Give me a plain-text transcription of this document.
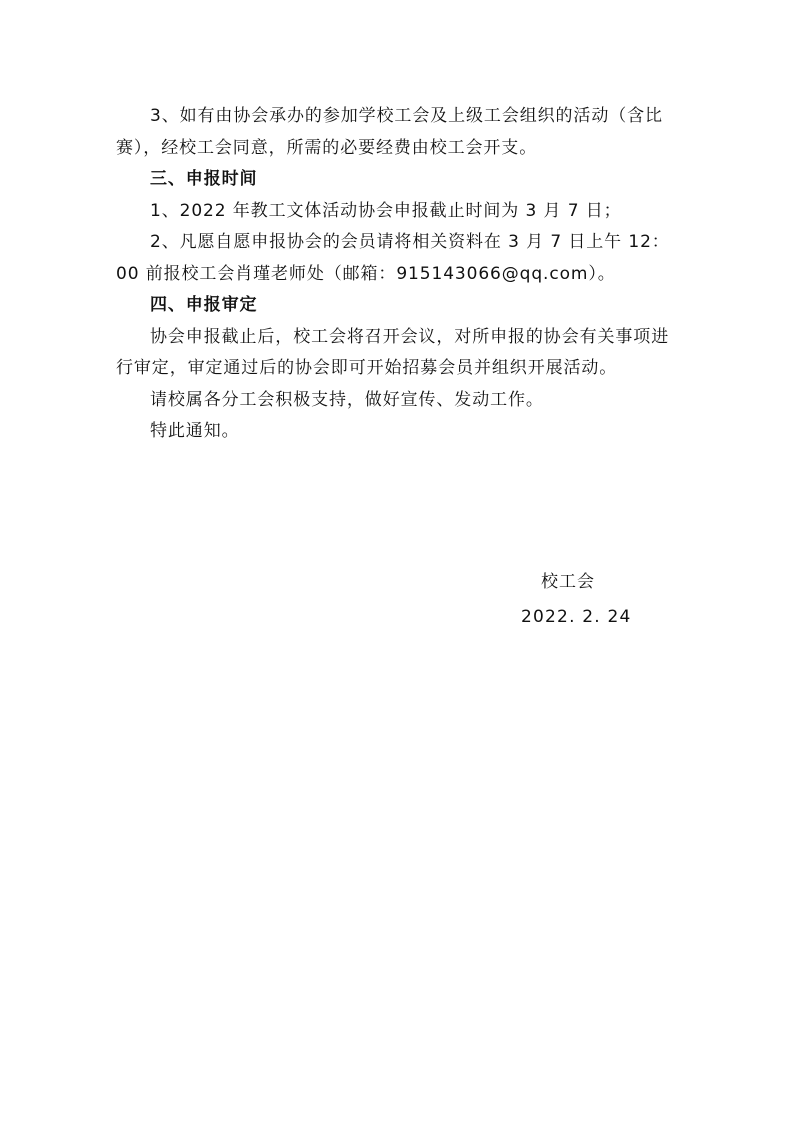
3、如有由协会承办的参加学校工会及上级工会组织的活动（含比赛），经校工会同意，所需的必要经费由校工会开支。

三、申报时间

1、2022 年教工文体活动协会申报截止时间为 3 月 7 日；

2、凡愿自愿申报协会的会员请将相关资料在 3 月 7 日上午 12：00 前报校工会肖瑾老师处（邮箱：915143066@qq.com）。

四、申报审定

协会申报截止后，校工会将召开会议，对所申报的协会有关事项进行审定，审定通过后的协会即可开始招募会员并组织开展活动。

请校属各分工会积极支持，做好宣传、发动工作。

特此通知。

校工会
2022. 2. 24
